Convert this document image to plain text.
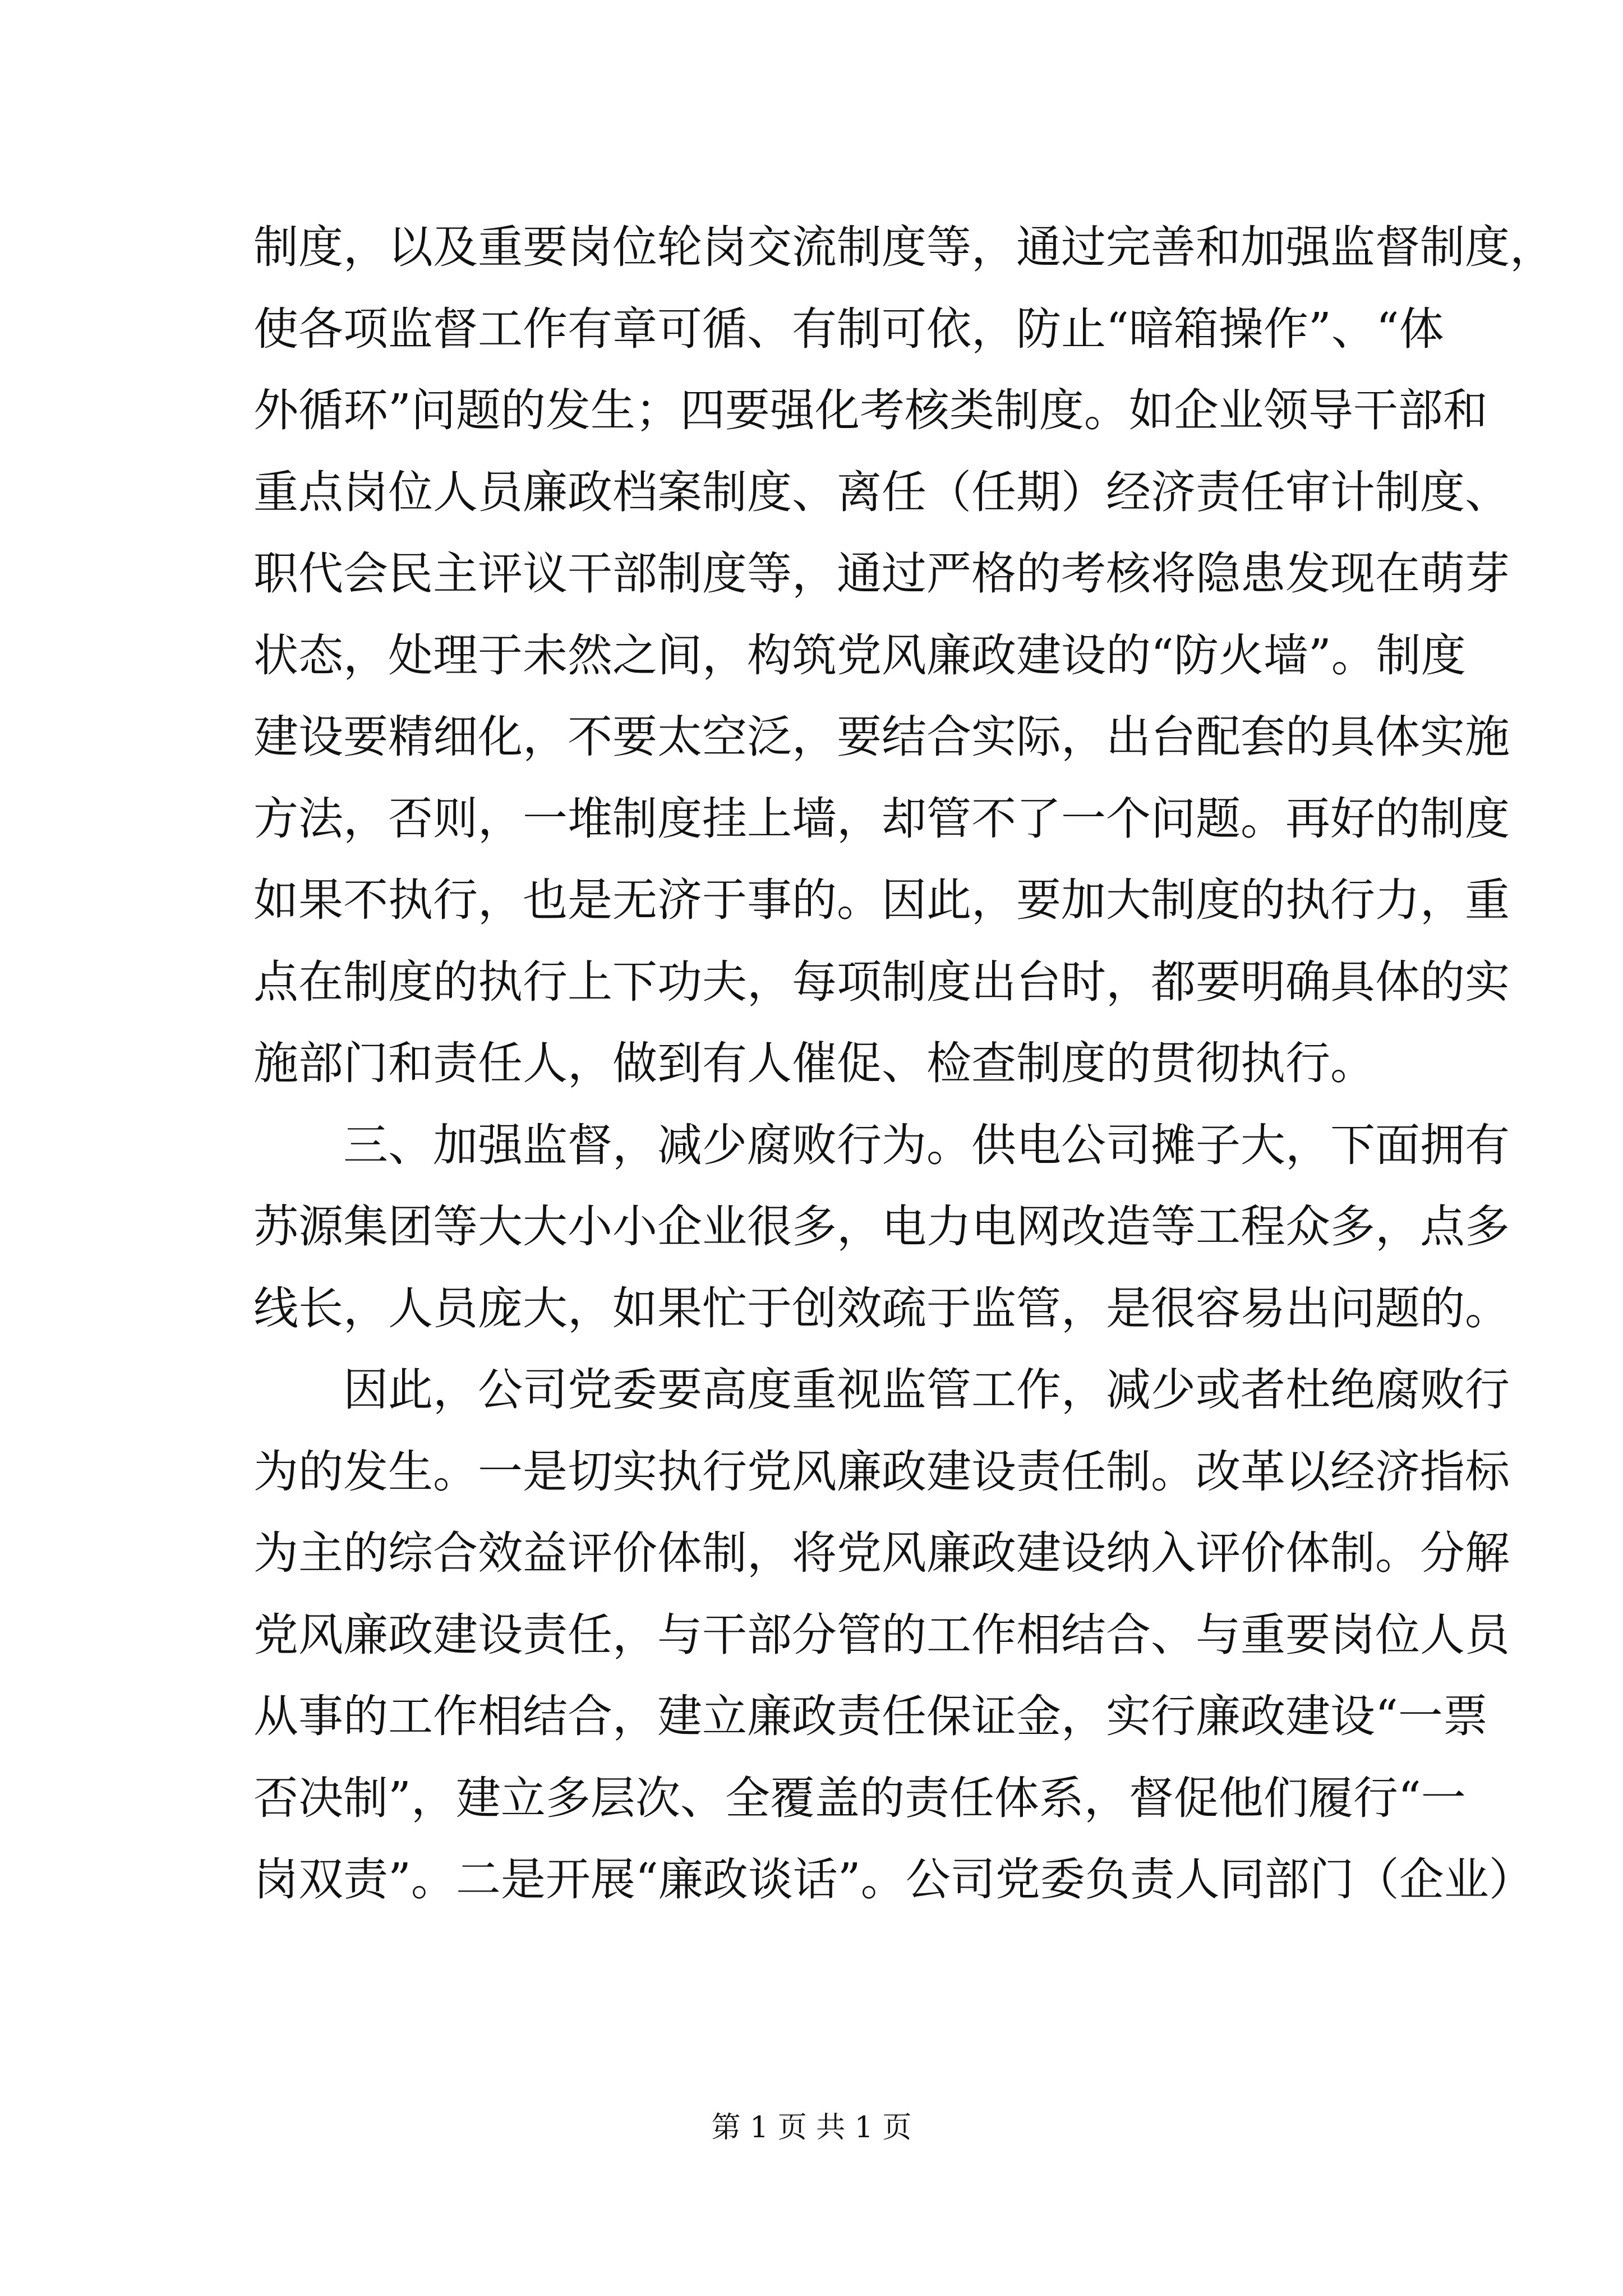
制度，以及重要岗位轮岗交流制度等，通过完善和加强监督制度，
使各项监督工作有章可循、有制可依，防止“暗箱操作”、“体
外循环”问题的发生；四要强化考核类制度。如企业领导干部和
重点岗位人员廉政档案制度、离任（任期）经济责任审计制度、
职代会民主评议干部制度等，通过严格的考核将隐患发现在萌芽
状态，处理于未然之间，构筑党风廉政建设的“防火墙”。制度
建设要精细化，不要太空泛，要结合实际，出台配套的具体实施
方法，否则，一堆制度挂上墙，却管不了一个问题。再好的制度
如果不执行，也是无济于事的。因此，要加大制度的执行力，重
点在制度的执行上下功夫，每项制度出台时，都要明确具体的实
施部门和责任人，做到有人催促、检查制度的贯彻执行。
三、加强监督，减少腐败行为。供电公司摊子大，下面拥有
苏源集团等大大小小企业很多，电力电网改造等工程众多，点多
线长，人员庞大，如果忙于创效疏于监管，是很容易出问题的。
因此，公司党委要高度重视监管工作，减少或者杜绝腐败行
为的发生。一是切实执行党风廉政建设责任制。改革以经济指标
为主的综合效益评价体制，将党风廉政建设纳入评价体制。分解
党风廉政建设责任，与干部分管的工作相结合、与重要岗位人员
从事的工作相结合，建立廉政责任保证金，实行廉政建设“一票
否决制”，建立多层次、全覆盖的责任体系，督促他们履行“一
岗双责”。二是开展“廉政谈话”。公司党委负责人同部门（企业）
第 1 页 共 1 页
